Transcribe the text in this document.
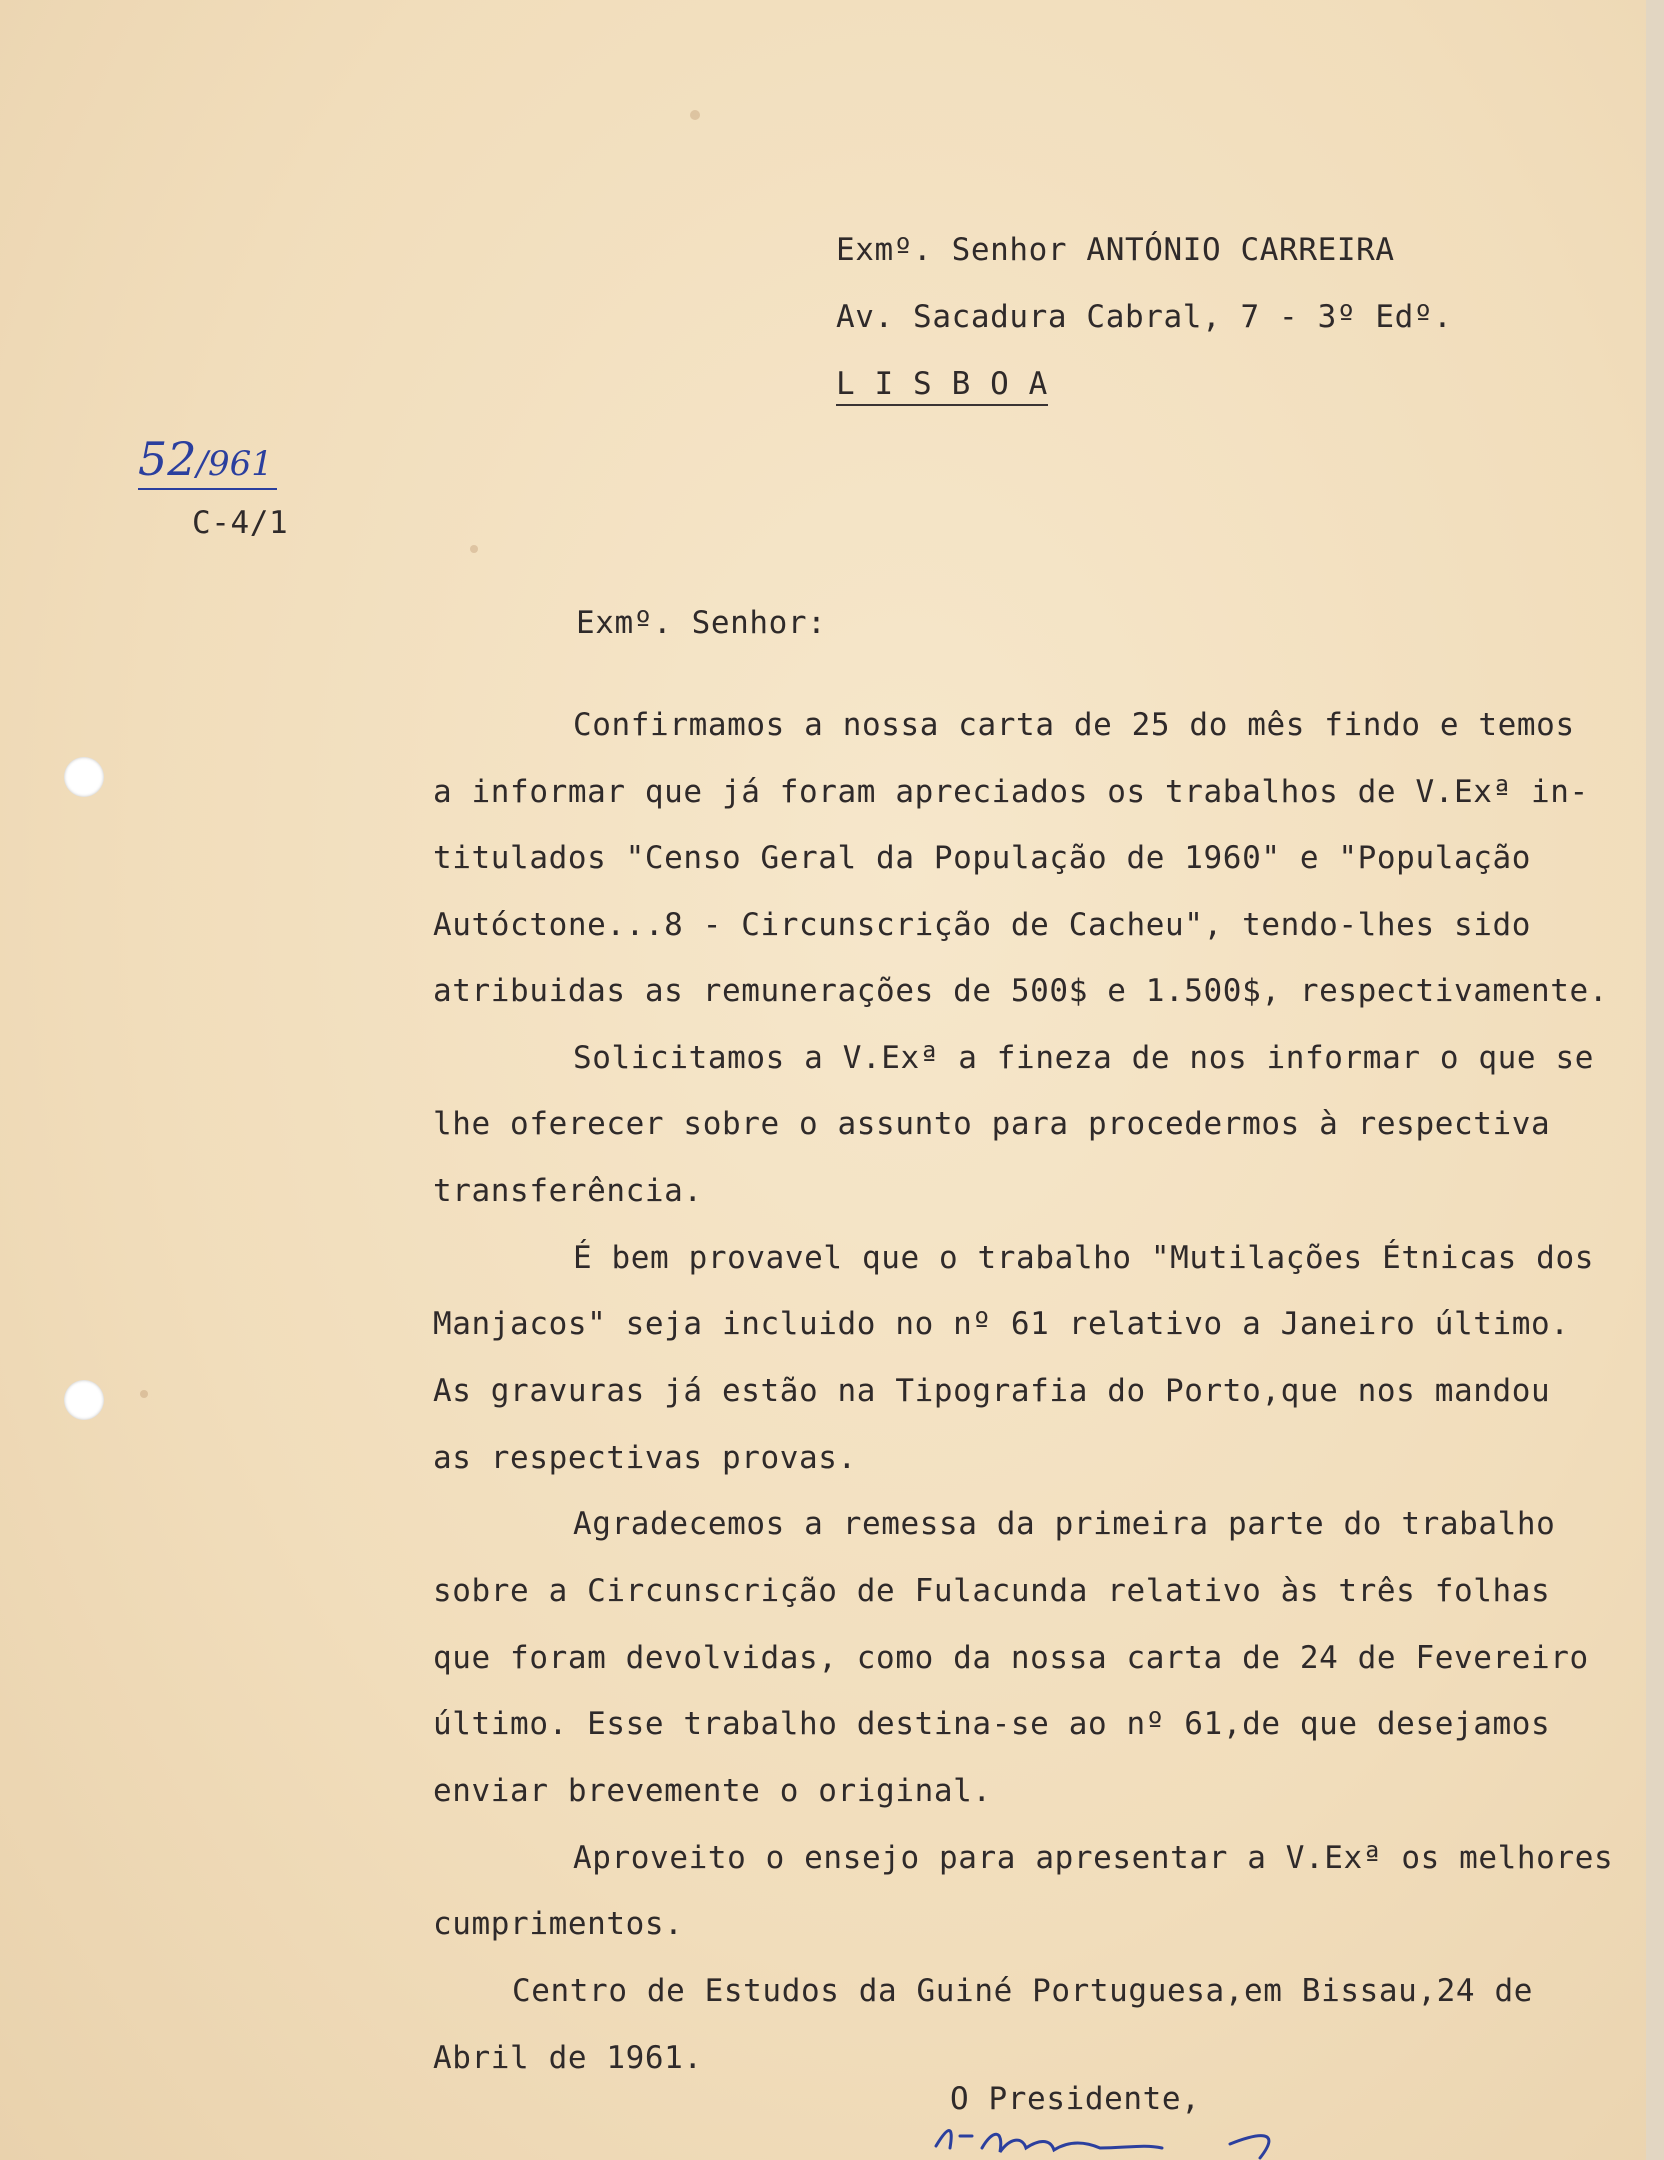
Exmº. Senhor ANTÓNIO CARREIRA
Av. Sacadura Cabral, 7 - 3º Edº.
L I S B O A
52/961
C-4/1
Exmº. Senhor:
Confirmamos a nossa carta de 25 do mês findo e temos
a informar que já foram apreciados os trabalhos de V.Exª in-
titulados "Censo Geral da População de 1960" e "População
Autóctone...8 - Circunscrição de Cacheu", tendo-lhes sido
atribuidas as remunerações de 500$ e 1.500$, respectivamente.
Solicitamos a V.Exª a fineza de nos informar o que se
lhe oferecer sobre o assunto para procedermos à respectiva
transferência.
É bem provavel que o trabalho "Mutilações Étnicas dos
Manjacos" seja incluido no nº 61 relativo a Janeiro último.
As gravuras já estão na Tipografia do Porto,que nos mandou
as respectivas provas.
Agradecemos a remessa da primeira parte do trabalho
sobre a Circunscrição de Fulacunda relativo às três folhas
que foram devolvidas, como da nossa carta de 24 de Fevereiro
último. Esse trabalho destina-se ao nº 61,de que desejamos
enviar brevemente o original.
Aproveito o ensejo para apresentar a V.Exª os melhores
cumprimentos.
Centro de Estudos da Guiné Portuguesa,em Bissau,24 de
Abril de 1961.
O Presidente,
